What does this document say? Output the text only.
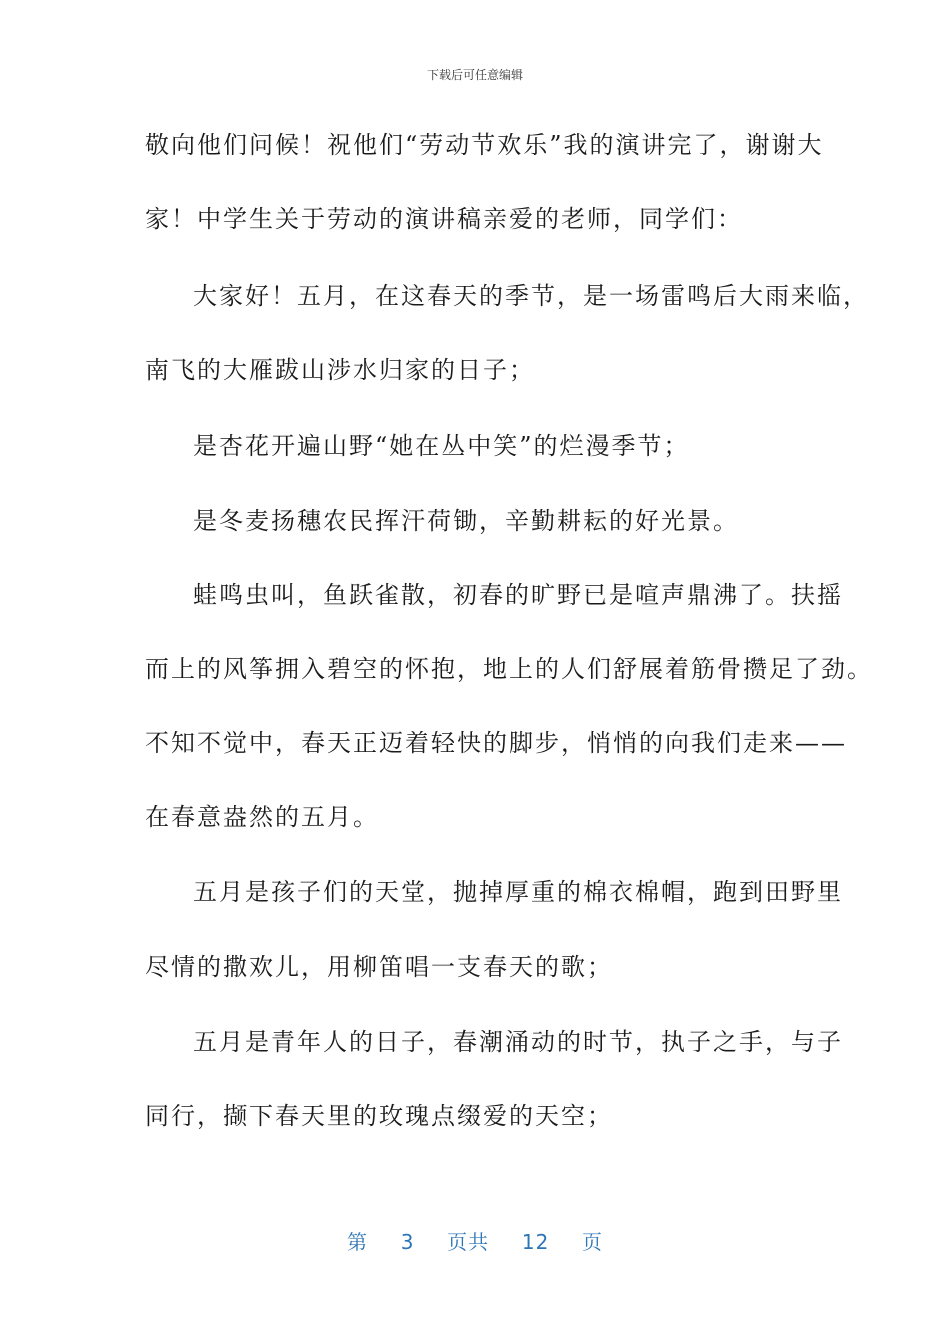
下载后可任意编辑
敬向他们问候！祝他们“劳动节欢乐”我的演讲完了，谢谢大
家！中学生关于劳动的演讲稿亲爱的老师，同学们：
大家好！五月，在这春天的季节，是一场雷鸣后大雨来临，
南飞的大雁跋山涉水归家的日子；
是杏花开遍山野“她在丛中笑”的烂漫季节；
是冬麦扬穗农民挥汗荷锄，辛勤耕耘的好光景。
蛙鸣虫叫，鱼跃雀散，初春的旷野已是喧声鼎沸了。扶摇
而上的风筝拥入碧空的怀抱，地上的人们舒展着筋骨攒足了劲。
不知不觉中，春天正迈着轻快的脚步，悄悄的向我们走来——
在春意盎然的五月。
五月是孩子们的天堂，抛掉厚重的棉衣棉帽，跑到田野里
尽情的撒欢儿，用柳笛唱一支春天的歌；
五月是青年人的日子，春潮涌动的时节，执子之手，与子
同行，撷下春天里的玫瑰点缀爱的天空；
第 3 页共 12 页
